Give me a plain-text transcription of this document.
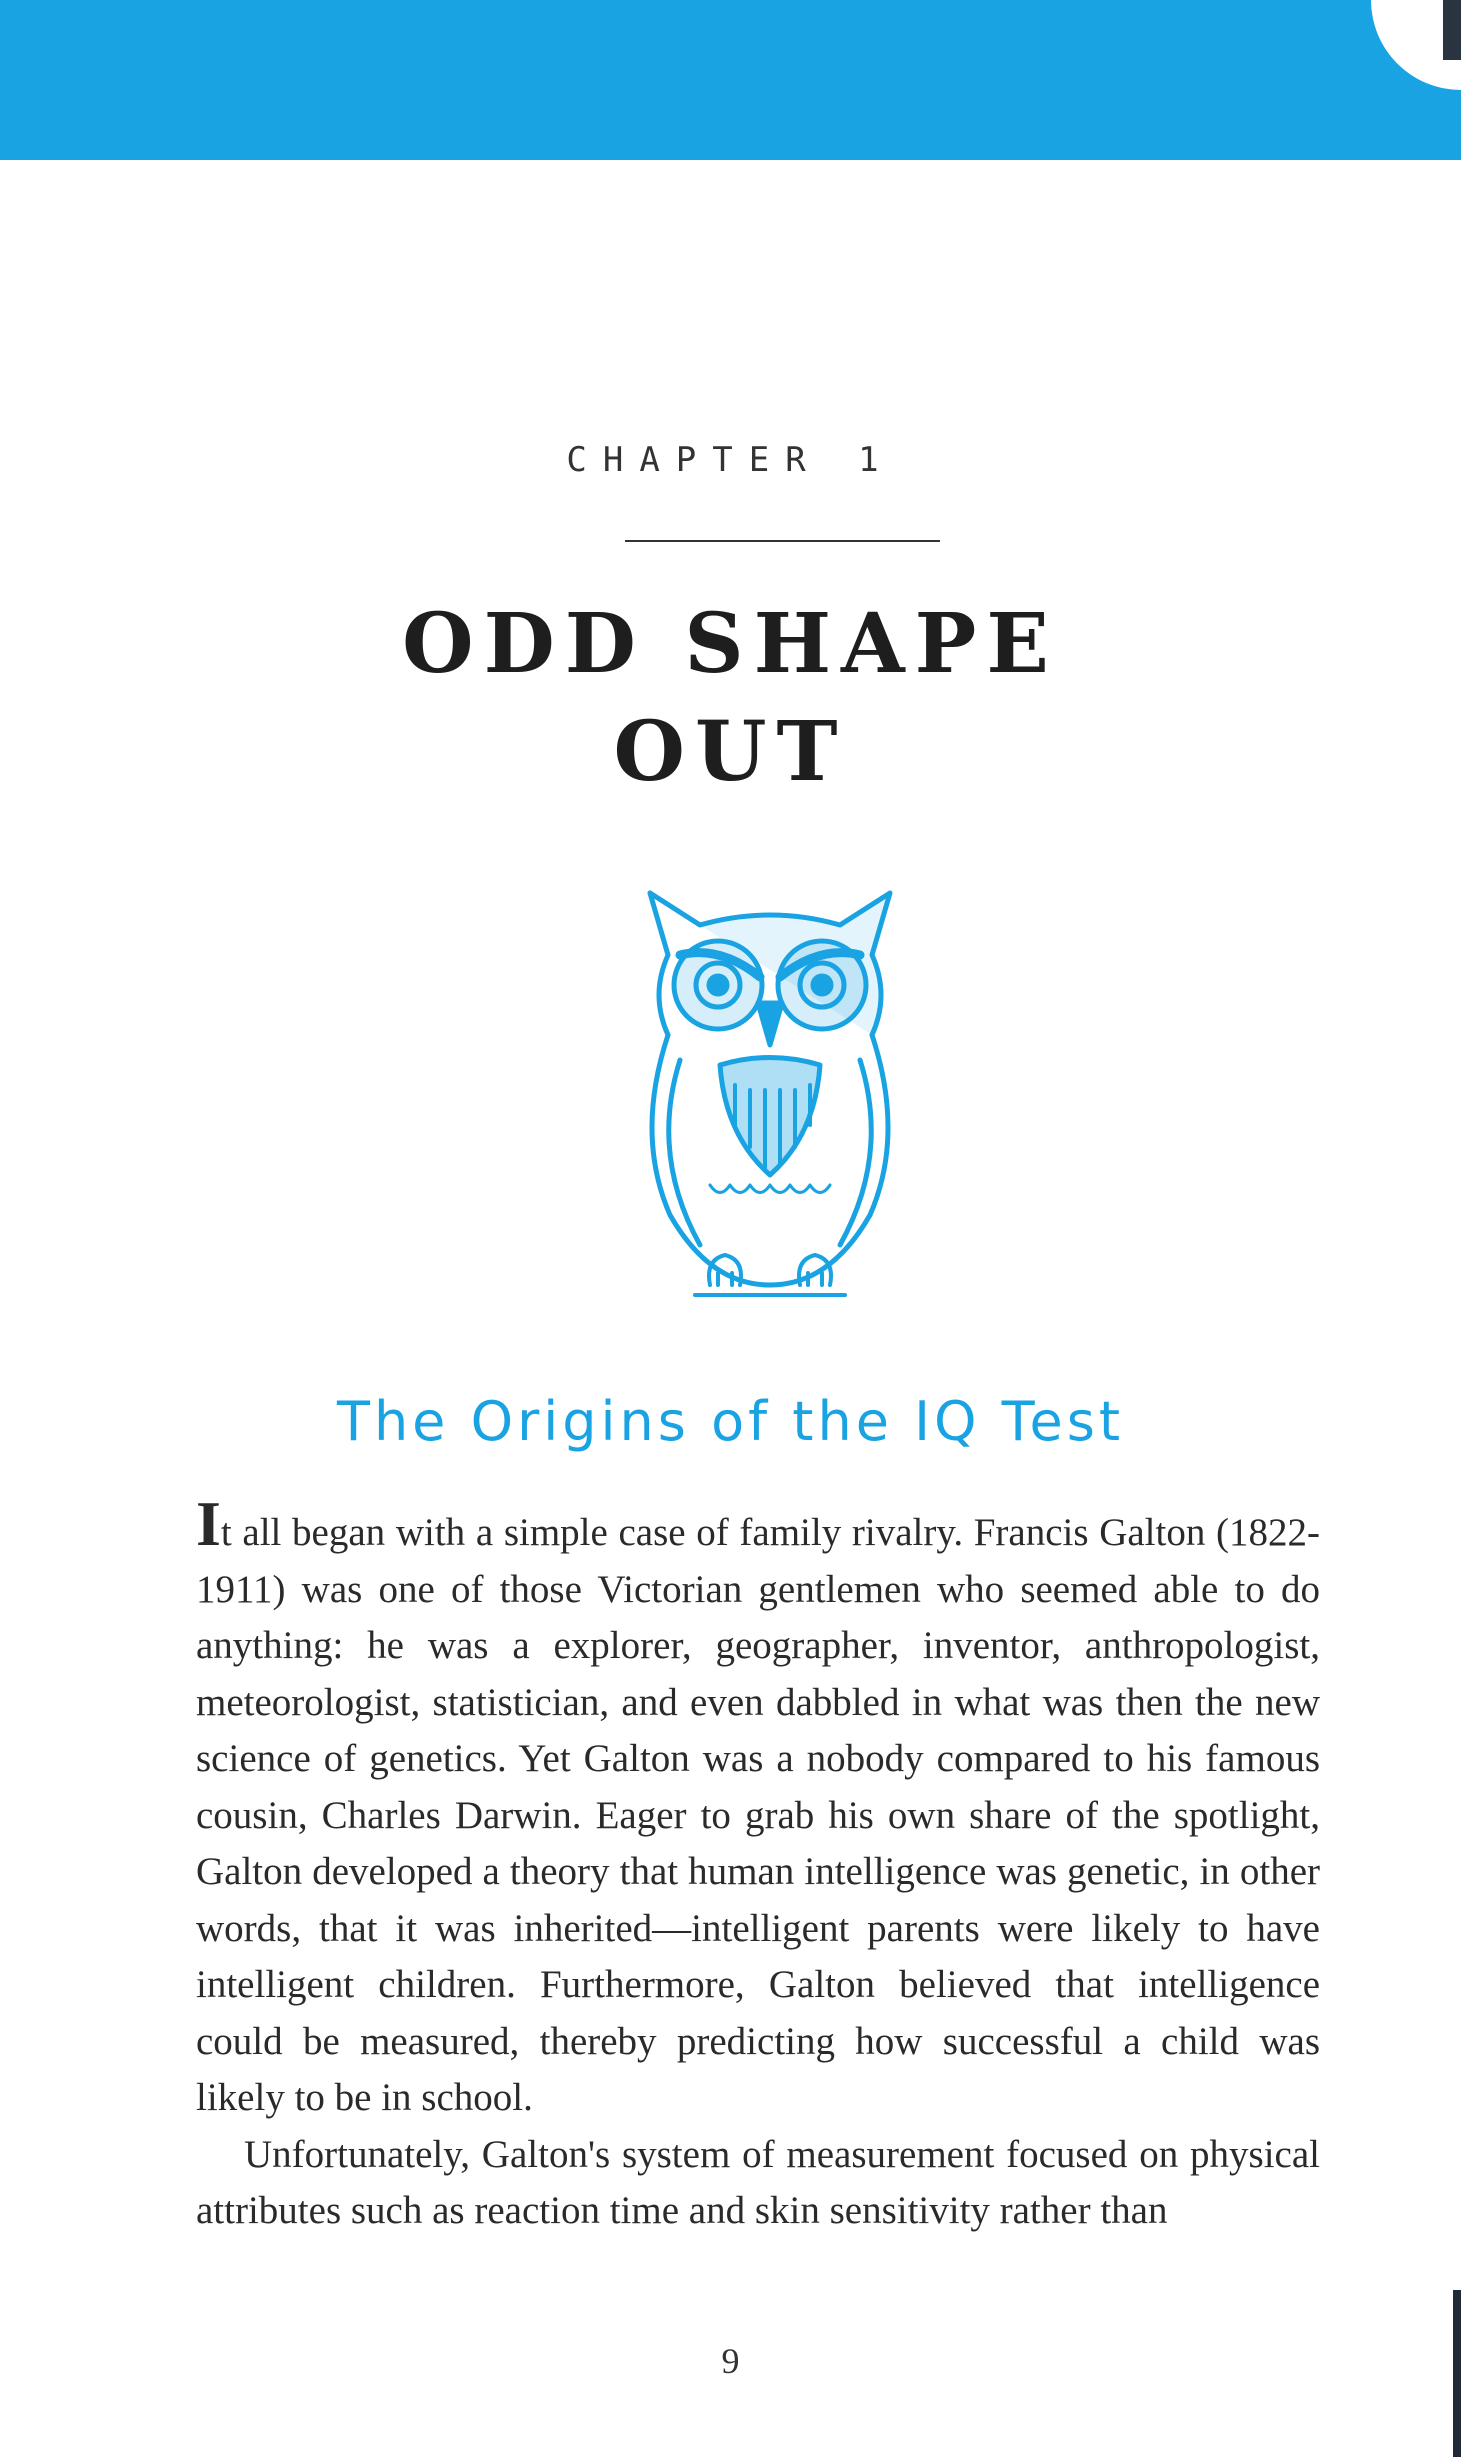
CHAPTER 1
ODD SHAPE
OUT
The Origins of the IQ Test

It all began with a simple case of family rivalry. Francis Galton (1822-1911) was one of those Victorian gentlemen who seemed able to do anything: he was a explorer, geographer, inventor, anthropologist, meteorologist, statistician, and even dabbled in what was then the new science of genetics. Yet Galton was a nobody compared to his famous cousin, Charles Darwin. Eager to grab his own share of the spotlight, Galton developed a theory that human intelligence was genetic, in other words, that it was inherited—intelligent parents were likely to have intelligent children. Furthermore, Galton believed that intelligence could be measured, thereby predicting how successful a child was likely to be in school.

Unfortunately, Galton's system of measurement focused on physical attributes such as reaction time and skin sensitivity rather than

9
